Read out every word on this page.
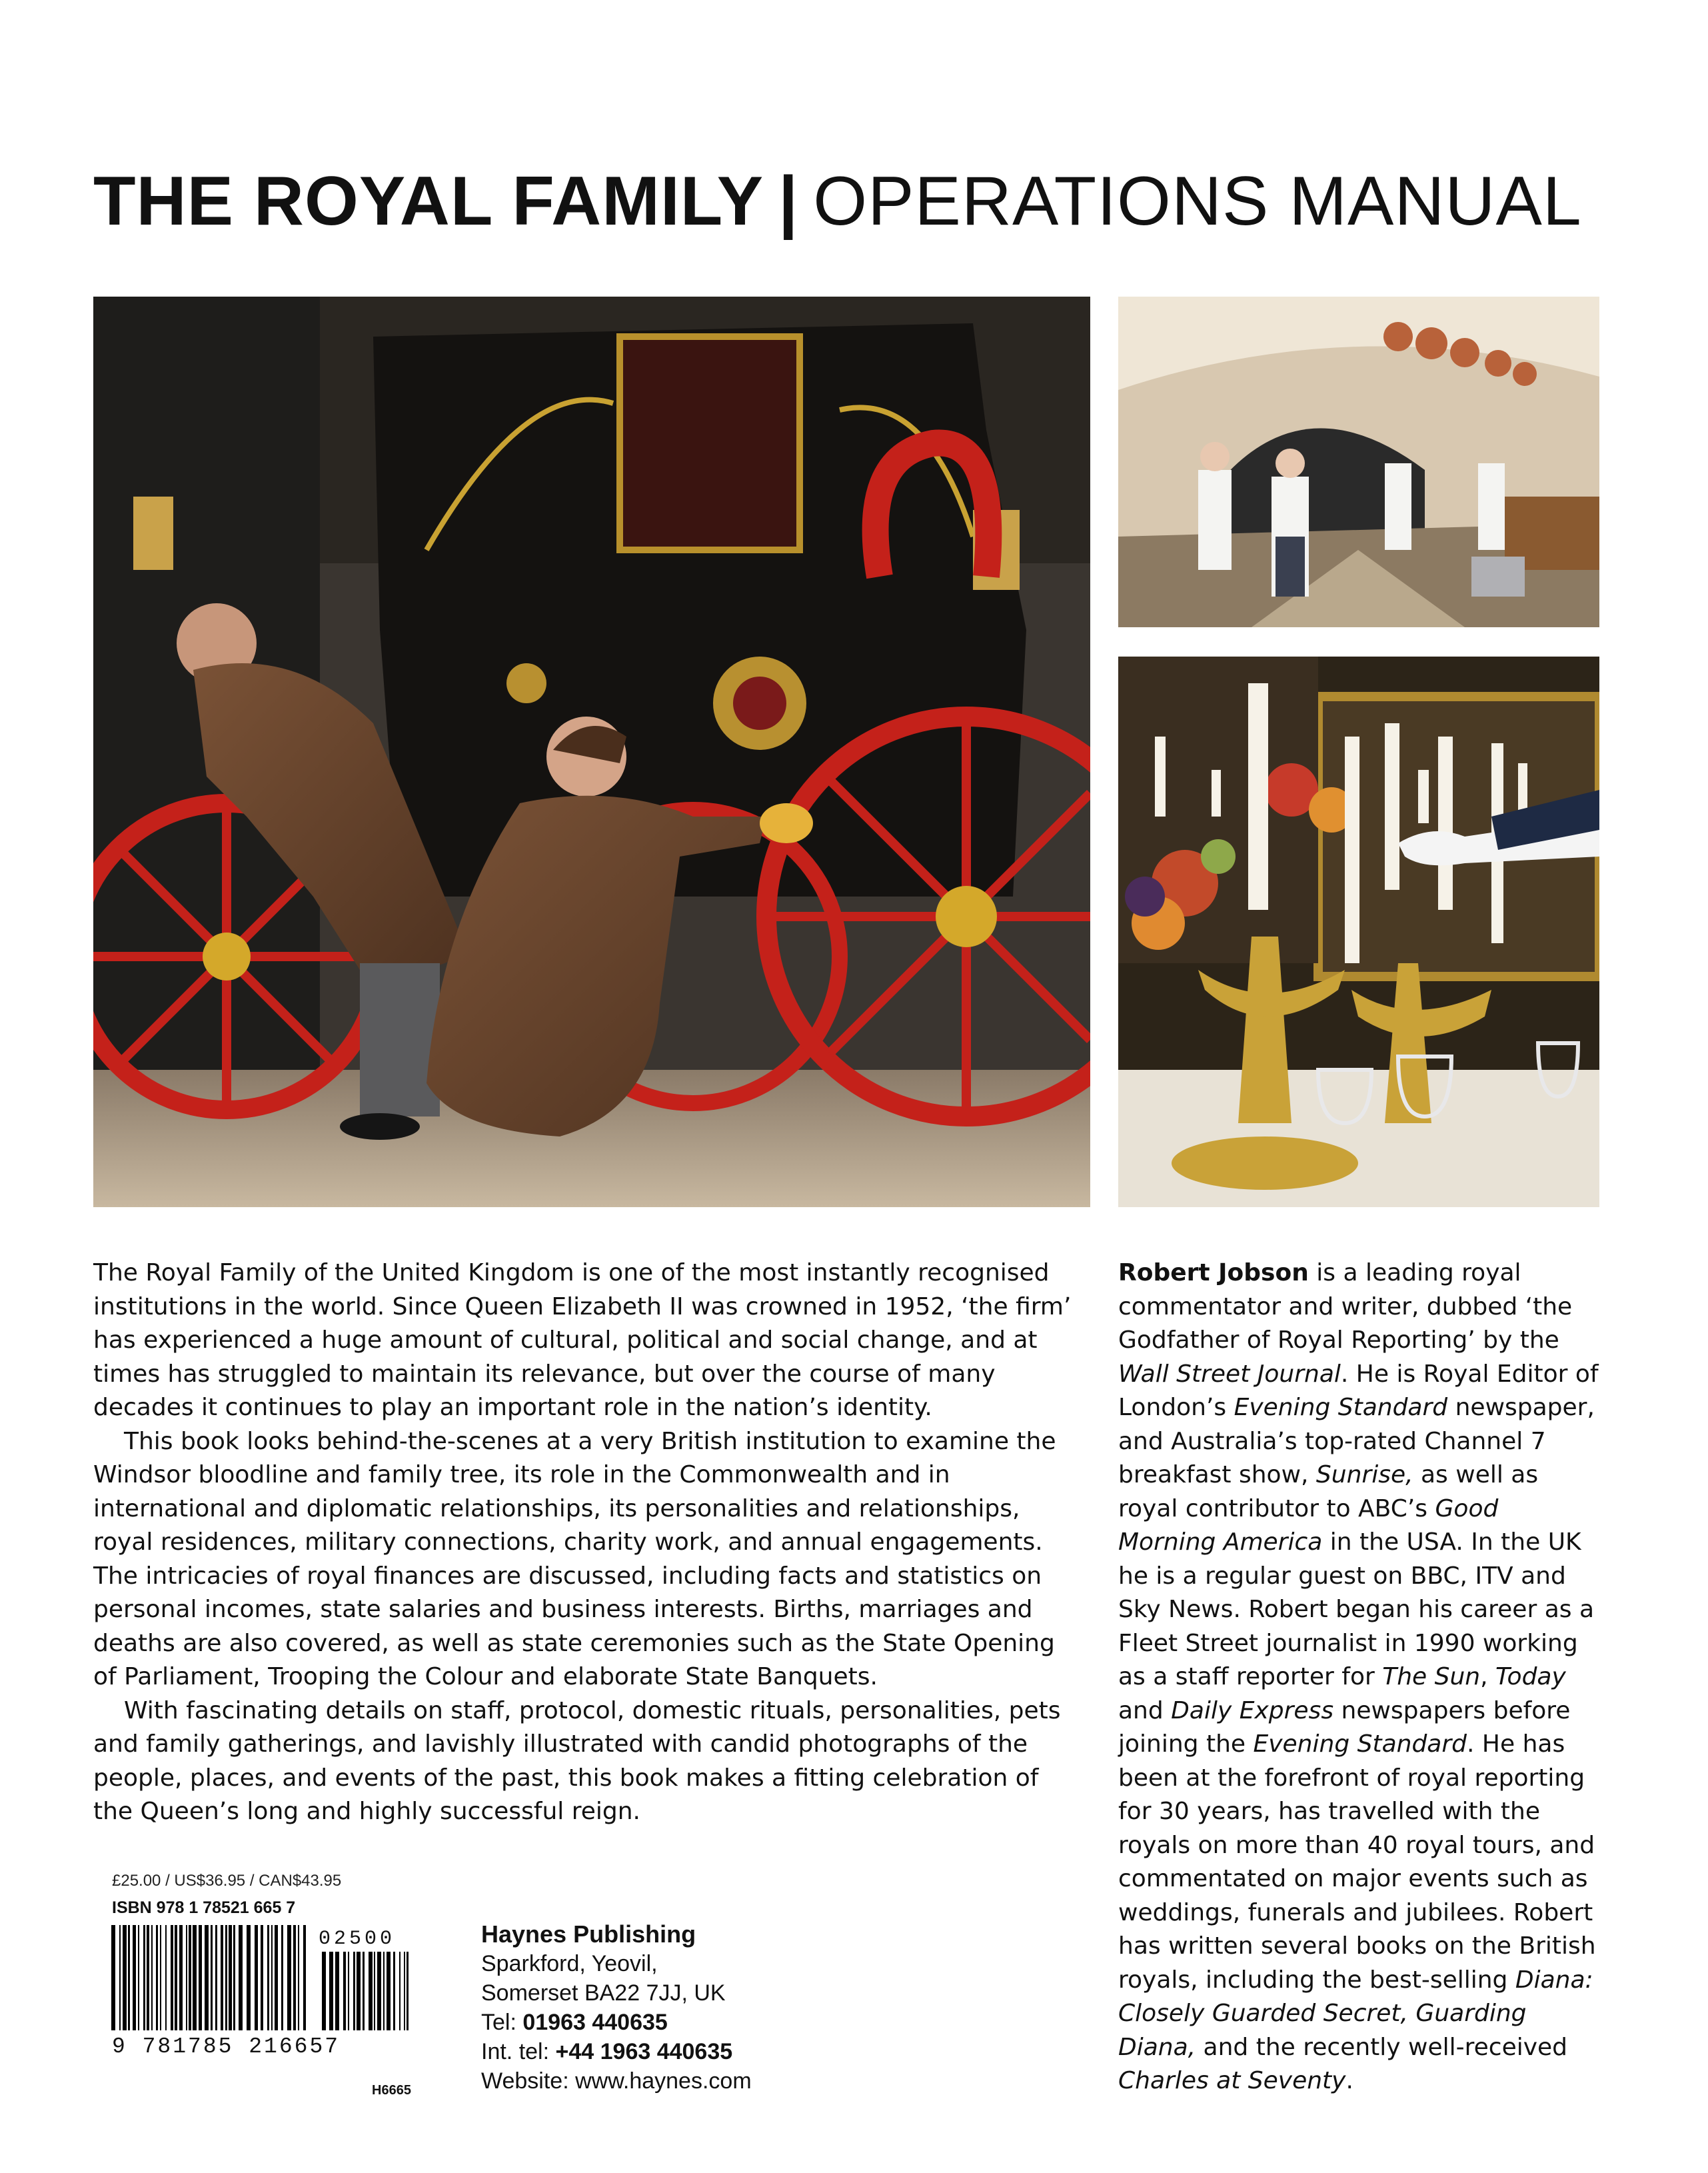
THE ROYAL FAMILY | OPERATIONS MANUAL

The Royal Family of the United Kingdom is one of the most instantly recognised institutions in the world. Since Queen Elizabeth II was crowned in 1952, ‘the firm’ has experienced a huge amount of cultural, political and social change, and at times has struggled to maintain its relevance, but over the course of many decades it continues to play an important role in the nation’s identity.

This book looks behind-the-scenes at a very British institution to examine the Windsor bloodline and family tree, its role in the Commonwealth and in international and diplomatic relationships, its personalities and relationships, royal residences, military connections, charity work, and annual engagements. The intricacies of royal finances are discussed, including facts and statistics on personal incomes, state salaries and business interests. Births, marriages and deaths are also covered, as well as state ceremonies such as the State Opening of Parliament, Trooping the Colour and elaborate State Banquets.

With fascinating details on staff, protocol, domestic rituals, personalities, pets and family gatherings, and lavishly illustrated with candid photographs of the people, places, and events of the past, this book makes a fitting celebration of the Queen’s long and highly successful reign.

Robert Jobson is a leading royal commentator and writer, dubbed ‘the Godfather of Royal Reporting’ by the Wall Street Journal. He is Royal Editor of London’s Evening Standard newspaper, and Australia’s top-rated Channel 7 breakfast show, Sunrise, as well as royal contributor to ABC’s Good Morning America in the USA. In the UK he is a regular guest on BBC, ITV and Sky News. Robert began his career as a Fleet Street journalist in 1990 working as a staff reporter for The Sun, Today and Daily Express newspapers before joining the Evening Standard. He has been at the forefront of royal reporting for 30 years, has travelled with the royals on more than 40 royal tours, and commentated on major events such as weddings, funerals and jubilees. Robert has written several books on the British royals, including the best-selling Diana: Closely Guarded Secret, Guarding Diana, and the recently well-received Charles at Seventy.
£25.00 / US$36.95 / CAN$43.95
ISBN 978 1 78521 665 7
02500
9 781785 216657
H6665
Haynes Publishing
Sparkford, Yeovil,
Somerset BA22 7JJ, UK
Tel: 01963 440635
Int. tel: +44 1963 440635
Website: www.haynes.com
